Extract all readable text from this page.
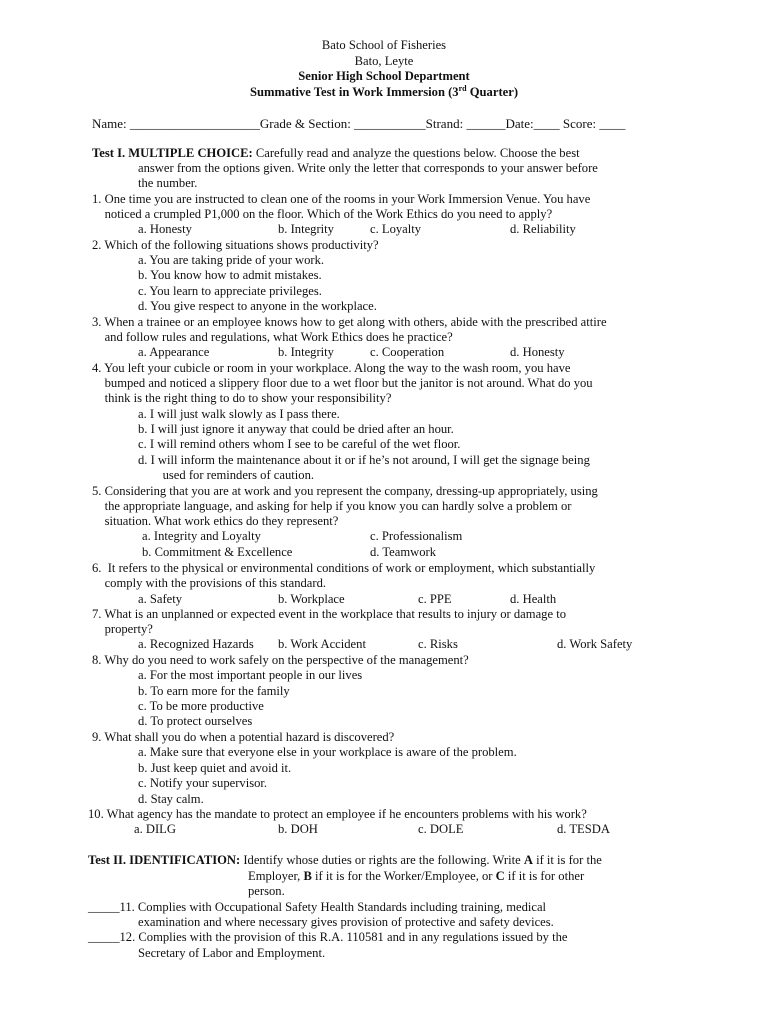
Bato School of Fisheries
Bato, Leyte
Senior High School Department
Summative Test in Work Immersion (3rd Quarter)
Name: ____________________Grade & Section: ___________Strand: ______Date:____ Score: ____
Test I. MULTIPLE CHOICE: Carefully read and analyze the questions below. Choose the best
answer from the options given. Write only the letter that corresponds to your answer before
the number.
1. One time you are instructed to clean one of the rooms in your Work Immersion Venue. You have
noticed a crumpled P1,000 on the floor. Which of the Work Ethics do you need to apply?
a. Honesty	b. Integrity	c. Loyalty	d. Reliability
2. Which of the following situations shows productivity?
a. You are taking pride of your work.
b. You know how to admit mistakes.
c. You learn to appreciate privileges.
d. You give respect to anyone in the workplace.
3. When a trainee or an employee knows how to get along with others, abide with the prescribed attire
and follow rules and regulations, what Work Ethics does he practice?
a. Appearance	b. Integrity	c. Cooperation	d. Honesty
4. You left your cubicle or room in your workplace. Along the way to the wash room, you have
bumped and noticed a slippery floor due to a wet floor but the janitor is not around. What do you
think is the right thing to do to show your responsibility?
a. I will just walk slowly as I pass there.
b. I will just ignore it anyway that could be dried after an hour.
c. I will remind others whom I see to be careful of the wet floor.
d. I will inform the maintenance about it or if he’s not around, I will get the signage being
used for reminders of caution.
5. Considering that you are at work and you represent the company, dressing-up appropriately, using
the appropriate language, and asking for help if you know you can hardly solve a problem or
situation. What work ethics do they represent?
a. Integrity and Loyalty	c. Professionalism
b. Commitment & Excellence	d. Teamwork
6.  It refers to the physical or environmental conditions of work or employment, which substantially
comply with the provisions of this standard.
a. Safety	b. Workplace	c. PPE	d. Health
7. What is an unplanned or expected event in the workplace that results to injury or damage to
property?
a. Recognized Hazards b. Work Accident	c. Risks	d. Work Safety
8. Why do you need to work safely on the perspective of the management?
a. For the most important people in our lives
b. To earn more for the family
c. To be more productive
d. To protect ourselves
9. What shall you do when a potential hazard is discovered?
a. Make sure that everyone else in your workplace is aware of the problem.
b. Just keep quiet and avoid it.
c. Notify your supervisor.
d. Stay calm.
10. What agency has the mandate to protect an employee if he encounters problems with his work?
a. DILG	b. DOH	c. DOLE	d. TESDA
Test II. IDENTIFICATION: Identify whose duties or rights are the following. Write A if it is for the
Employer, B if it is for the Worker/Employee, or C if it is for other
person.
_____11. Complies with Occupational Safety Health Standards including training, medical
examination and where necessary gives provision of protective and safety devices.
_____12. Complies with the provision of this R.A. 110581 and in any regulations issued by the
Secretary of Labor and Employment.
